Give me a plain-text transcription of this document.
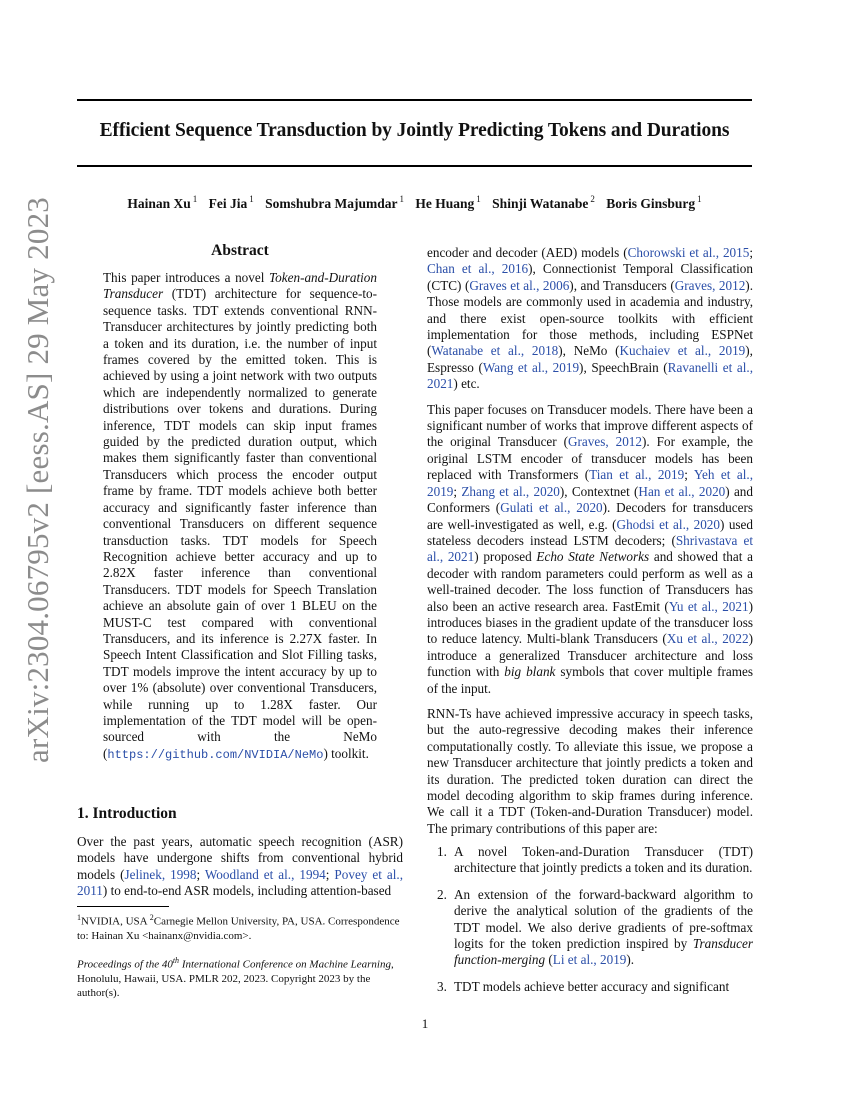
arXiv:2304.06795v2 [eess.AS] 29 May 2023
Efficient Sequence Transduction by Jointly Predicting Tokens and Durations
Hainan Xu $^1$ Fei Jia $^1$ Somshubra Majumdar $^1$ He Huang $^1$ Shinji Watanabe $^2$ Boris Ginsburg $^1$
Abstract
This paper introduces a novel Token-and-Duration Transducer (TDT) architecture for sequence-to-sequence tasks. TDT extends conventional RNN-Transducer architectures by jointly predicting both a token and its duration, i.e. the number of input frames covered by the emitted token. This is achieved by using a joint network with two outputs which are independently normalized to generate distributions over tokens and durations. During inference, TDT models can skip input frames guided by the predicted duration output, which makes them significantly faster than conventional Transducers which process the encoder output frame by frame. TDT models achieve both better accuracy and significantly faster inference than conventional Transducers on different sequence transduction tasks. TDT models for Speech Recognition achieve better accuracy and up to 2.82X faster inference than conventional Transducers. TDT models for Speech Translation achieve an absolute gain of over 1 BLEU on the MUST-C test compared with conventional Transducers, and its inference is 2.27X faster. In Speech Intent Classification and Slot Filling tasks, TDT models improve the intent accuracy by up to over 1% (absolute) over conventional Transducers, while running up to 1.28X faster. Our implementation of the TDT model will be open-sourced with the NeMo (https://github.com/NVIDIA/NeMo) toolkit.
1. Introduction
Over the past years, automatic speech recognition (ASR) models have undergone shifts from conventional hybrid models (Jelinek, 1998; Woodland et al., 1994; Povey et al., 2011) to end-to-end ASR models, including attention-based
$^1$NVIDIA, USA $^2$Carnegie Mellon University, PA, USA. Correspondence to: Hainan Xu <hainanx@nvidia.com>.
Proceedings of the 40th International Conference on Machine Learning, Honolulu, Hawaii, USA. PMLR 202, 2023. Copyright 2023 by the author(s).

encoder and decoder (AED) models (Chorowski et al., 2015; Chan et al., 2016), Connectionist Temporal Classification (CTC) (Graves et al., 2006), and Transducers (Graves, 2012). Those models are commonly used in academia and industry, and there exist open-source toolkits with efficient implementation for those methods, including ESPNet (Watanabe et al., 2018), NeMo (Kuchaiev et al., 2019), Espresso (Wang et al., 2019), SpeechBrain (Ravanelli et al., 2021) etc.

This paper focuses on Transducer models. There have been a significant number of works that improve different aspects of the original Transducer (Graves, 2012). For example, the original LSTM encoder of transducer models has been replaced with Transformers (Tian et al., 2019; Yeh et al., 2019; Zhang et al., 2020), Contextnet (Han et al., 2020) and Conformers (Gulati et al., 2020). Decoders for transducers are well-investigated as well, e.g. (Ghodsi et al., 2020) used stateless decoders instead LSTM decoders; (Shrivastava et al., 2021) proposed Echo State Networks and showed that a decoder with random parameters could perform as well as a well-trained decoder. The loss function of Transducers has also been an active research area. FastEmit (Yu et al., 2021) introduces biases in the gradient update of the transducer loss to reduce latency. Multi-blank Transducers (Xu et al., 2022) introduce a generalized Transducer architecture and loss function with big blank symbols that cover multiple frames of the input.

RNN-Ts have achieved impressive accuracy in speech tasks, but the auto-regressive decoding makes their inference computationally costly. To alleviate this issue, we propose a new Transducer architecture that jointly predicts a token and its duration. The predicted token duration can direct the model decoding algorithm to skip frames during inference. We call it a TDT (Token-and-Duration Transducer) model. The primary contributions of this paper are:

1. A novel Token-and-Duration Transducer (TDT) architecture that jointly predicts a token and its duration.
2. An extension of the forward-backward algorithm to derive the analytical solution of the gradients of the TDT model. We also derive gradients of pre-softmax logits for the token prediction inspired by Transducer function-merging (Li et al., 2019).
3. TDT models achieve better accuracy and significant
1
